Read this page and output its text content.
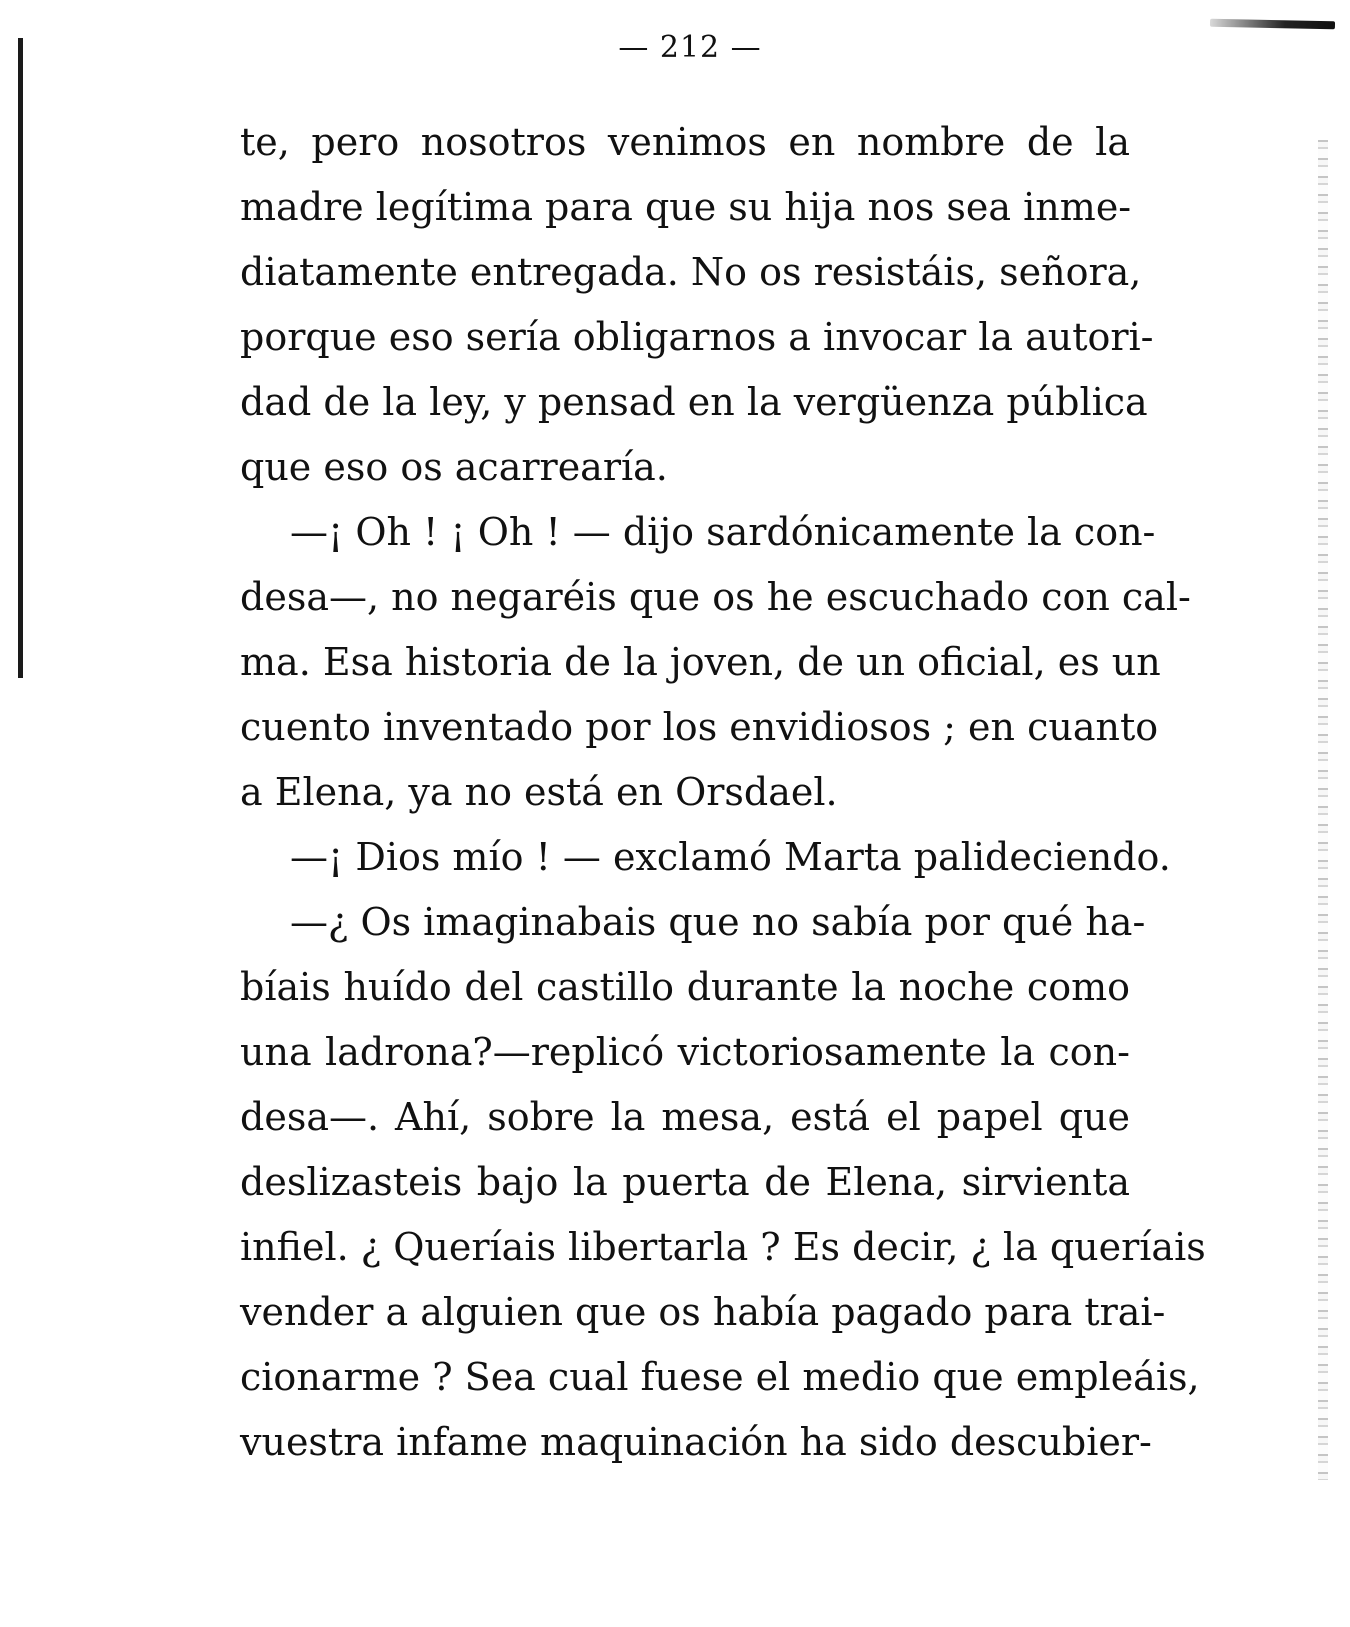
— 212 —
te, pero nosotros venimos en nombre de la
madre legítima para que su hija nos sea inme-
diatamente entregada. No os resistáis, señora,
porque eso sería obligarnos a invocar la autori-
dad de la ley, y pensad en la vergüenza pública
que eso os acarrearía.
—¡ Oh ! ¡ Oh ! — dijo sardónicamente la con-
desa—, no negaréis que os he escuchado con cal-
ma. Esa historia de la joven, de un oficial, es un
cuento inventado por los envidiosos ; en cuanto
a Elena, ya no está en Orsdael.
—¡ Dios mío ! — exclamó Marta palideciendo.
—¿ Os imaginabais que no sabía por qué ha-
bíais huído del castillo durante la noche como
una ladrona?—replicó victoriosamente la con-
desa—. Ahí, sobre la mesa, está el papel que
deslizasteis bajo la puerta de Elena, sirvienta
infiel. ¿ Queríais libertarla ? Es decir, ¿ la queríais
vender a alguien que os había pagado para trai-
cionarme ? Sea cual fuese el medio que empleáis,
vuestra infame maquinación ha sido descubier-
